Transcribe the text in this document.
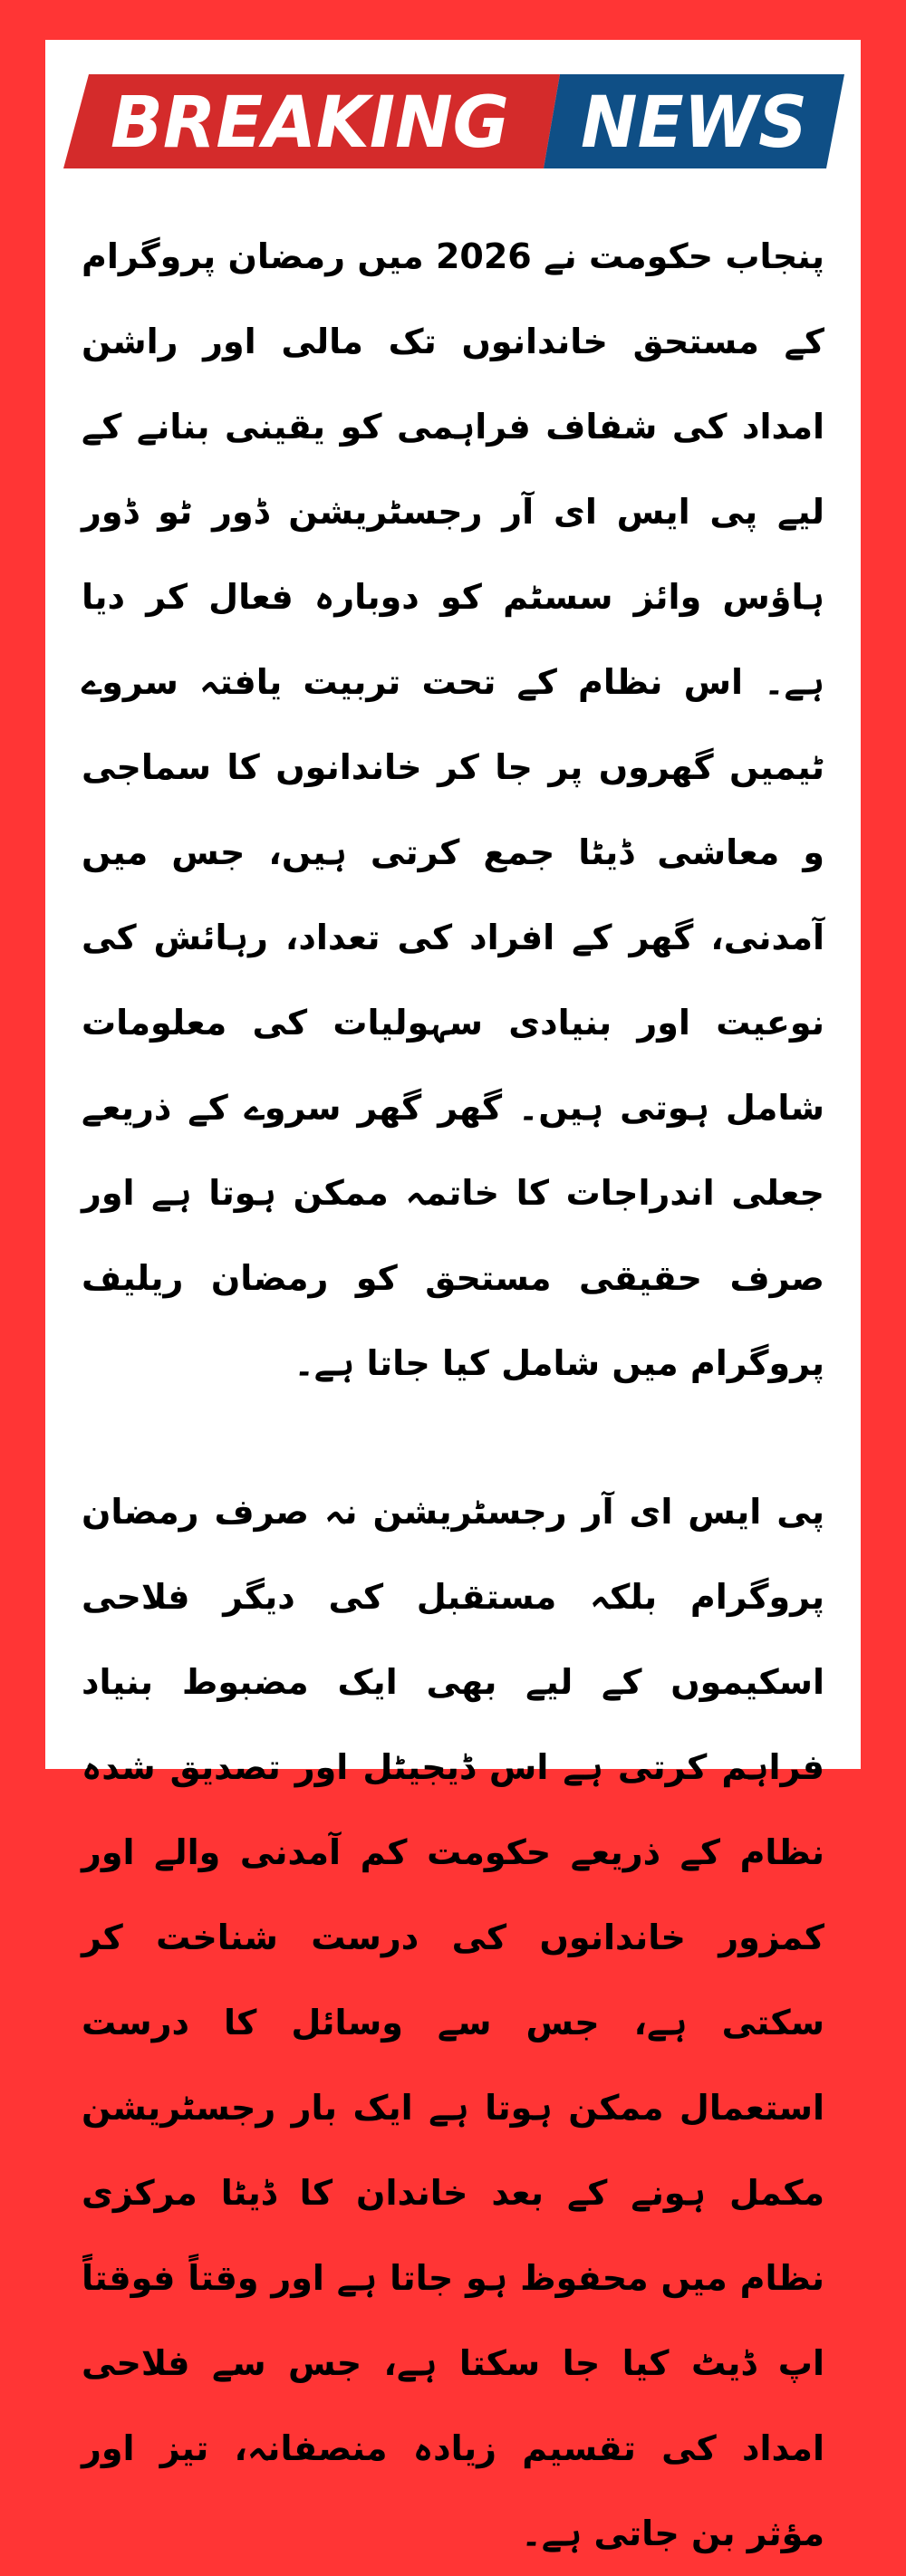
BREAKING NEWS

پنجاب حکومت نے 2026 میں رمضان پروگرام کے مستحق خاندانوں تک مالی اور راشن امداد کی شفاف فراہمی کو یقینی بنانے کے لیے پی ایس ای آر رجسٹریشن ڈور ٹو ڈور ہاؤس وائز سسٹم کو دوبارہ فعال کر دیا ہے۔ اس نظام کے تحت تربیت یافتہ سروے ٹیمیں گھروں پر جا کر خاندانوں کا سماجی و معاشی ڈیٹا جمع کرتی ہیں، جس میں آمدنی، گھر کے افراد کی تعداد، رہائش کی نوعیت اور بنیادی سہولیات کی معلومات شامل ہوتی ہیں۔ گھر گھر سروے کے ذریعے جعلی اندراجات کا خاتمہ ممکن ہوتا ہے اور صرف حقیقی مستحق کو رمضان ریلیف پروگرام میں شامل کیا جاتا ہے۔

پی ایس ای آر رجسٹریشن نہ صرف رمضان پروگرام بلکہ مستقبل کی دیگر فلاحی اسکیموں کے لیے بھی ایک مضبوط بنیاد فراہم کرتی ہے اس ڈیجیٹل اور تصدیق شدہ نظام کے ذریعے حکومت کم آمدنی والے اور کمزور خاندانوں کی درست شناخت کر سکتی ہے، جس سے وسائل کا درست استعمال ممکن ہوتا ہے ایک بار رجسٹریشن مکمل ہونے کے بعد خاندان کا ڈیٹا مرکزی نظام میں محفوظ ہو جاتا ہے اور وقتاً فوقتاً اپ ڈیٹ کیا جا سکتا ہے، جس سے فلاحی امداد کی تقسیم زیادہ منصفانہ، تیز اور مؤثر بن جاتی ہے۔
